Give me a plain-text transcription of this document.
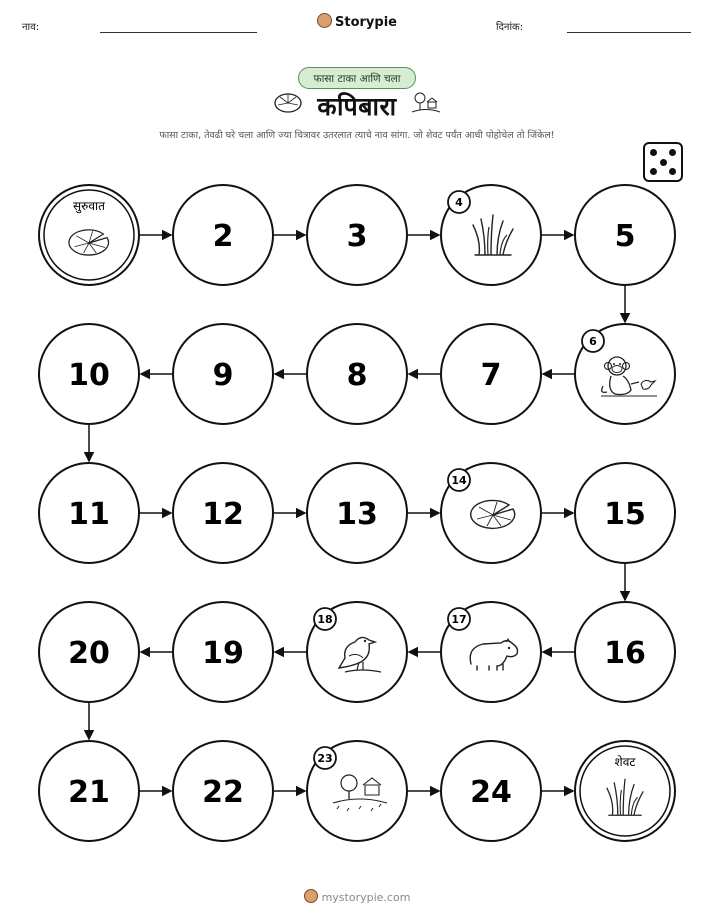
नाव:	Storypie	दिनांक:
फासा टाका आणि चला
कपिबारा
फासा टाका, तेवढी घरे चला आणि ज्या चित्रावर उतरलात त्याचे नाव सांगा. जो शेवट पर्यंत आधी पोहोचेल तो जिंकेल!
सुरुवात
2	3
4
5
6
7
8
9
10
11	12	13
14
15
16
17
18
19
20
21	22
23
24
शेवट
mystorypie.com
